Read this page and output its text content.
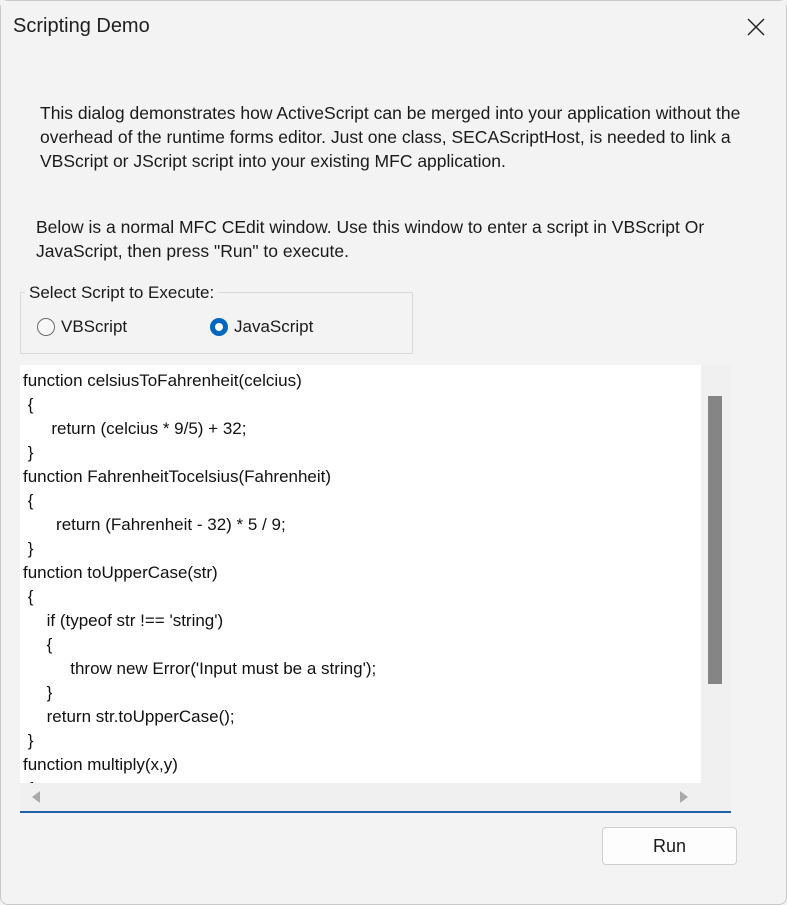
Scripting Demo
This dialog demonstrates how ActiveScript can be merged into your application without the overhead of the runtime forms editor. Just one class, SECAScriptHost, is needed to link a VBScript or JScript script into your existing MFC application.
Below is a normal MFC CEdit window. Use this window to enter a script in VBScript Or JavaScript, then press "Run" to execute.
Select Script to Execute:
VBScript	JavaScript
function celsiusToFahrenheit(celcius)
{
return (celcius * 9/5) + 32;
}
function FahrenheitTocelsius(Fahrenheit)
{
return (Fahrenheit - 32) * 5 / 9;
}
function toUpperCase(str)
{
if (typeof str !== 'string')
{
throw new Error('Input must be a string');
}
return str.toUpperCase();
}
function multiply(x,y)

Run
